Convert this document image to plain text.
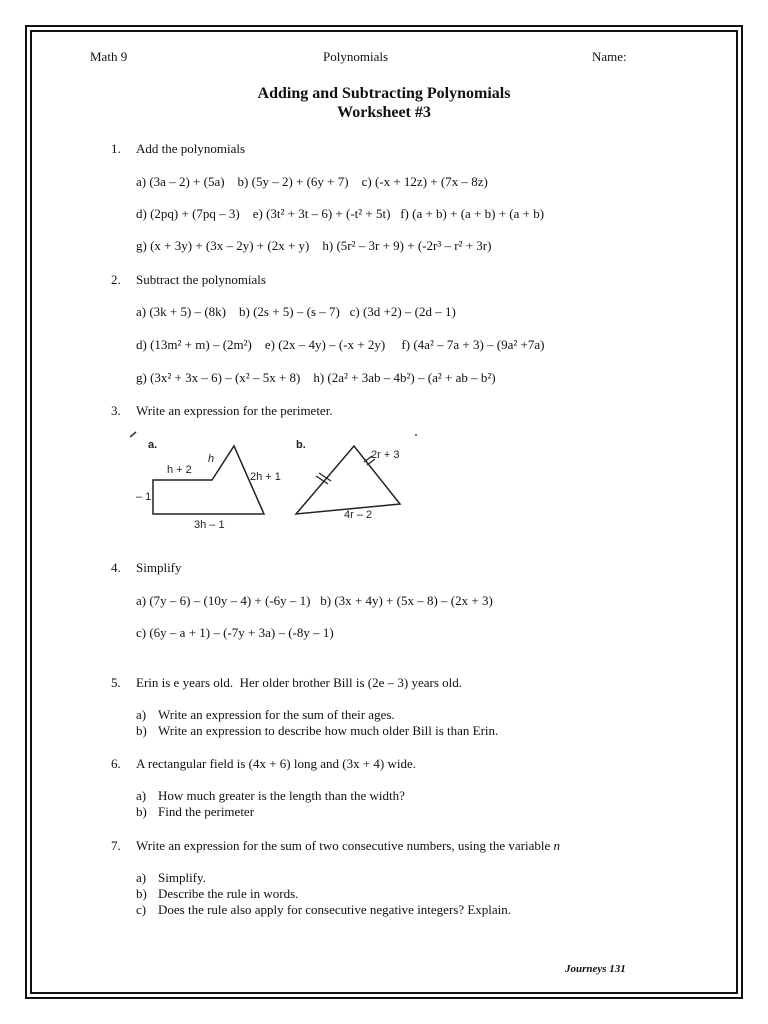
Math 9	Polynomials	Name:
Adding and Subtracting Polynomials
Worksheet #3
1. Add the polynomials
a) (3a – 2) + (5a)    b) (5y – 2) + (6y + 7)    c) (-x + 12z) + (7x – 8z)
d) (2pq) + (7pq – 3)    e) (3t² + 3t – 6) + (-t² + 5t)   f) (a + b) + (a + b) + (a + b)
g) (x + 3y) + (3x – 2y) + (2x + y)    h) (5r² – 3r + 9) + (-2r³ – r² + 3r)
2. Subtract the polynomials
a) (3k + 5) – (8k)    b) (2s + 5) – (s – 7)   c) (3d +2) – (2d – 1)
d) (13m² + m) – (2m²)    e) (2x – 4y) – (-x + 2y)     f) (4a² – 7a + 3) – (9a² +7a)
g) (3x² + 3x – 6) – (x² – 5x + 8)    h) (2a² + 3ab – 4b²) – (a² + ab – b²)
3. Write an expression for the perimeter.
a.
h + 2
h
2h + 1
– 1
3h – 1
b.
2r + 3
4r – 2
4. Simplify
a) (7y – 6) – (10y – 4) + (-6y – 1)   b) (3x + 4y) + (5x – 8) – (2x + 3)
c) (6y – a + 1) – (-7y + 3a) – (-8y – 1)
5. Erin is e years old.  Her older brother Bill is (2e – 3) years old.
a) Write an expression for the sum of their ages.
b) Write an expression to describe how much older Bill is than Erin.
6. A rectangular field is (4x + 6) long and (3x + 4) wide.
a) How much greater is the length than the width?
b) Find the perimeter
7. Write an expression for the sum of two consecutive numbers, using the variable n
a) Simplify.
b) Describe the rule in words.
c) Does the rule also apply for consecutive negative integers? Explain.
Journeys 131
